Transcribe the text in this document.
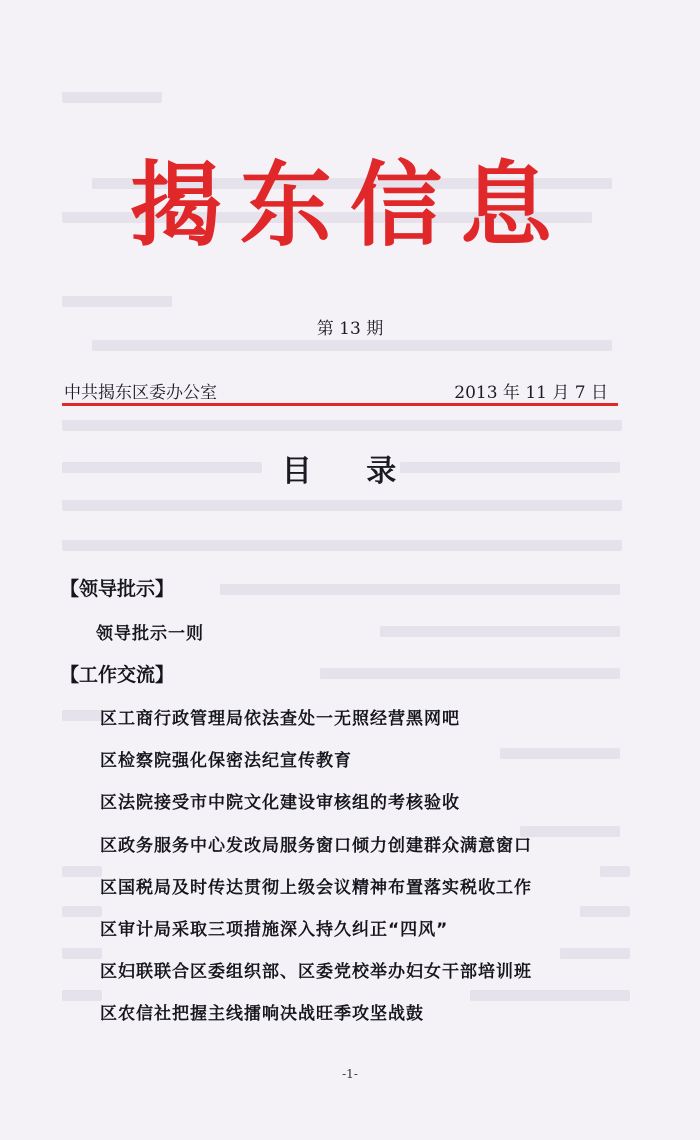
揭东信息
第 13 期
中共揭东区委办公室	2013 年 11 月 7 日
目 录
【领导批示】
领导批示一则
【工作交流】
区工商行政管理局依法查处一无照经营黑网吧
区检察院强化保密法纪宣传教育
区法院接受市中院文化建设审核组的考核验收
区政务服务中心发改局服务窗口倾力创建群众满意窗口
区国税局及时传达贯彻上级会议精神布置落实税收工作
区审计局采取三项措施深入持久纠正“四风”
区妇联联合区委组织部、区委党校举办妇女干部培训班
区农信社把握主线擂响决战旺季攻坚战鼓
-1-
